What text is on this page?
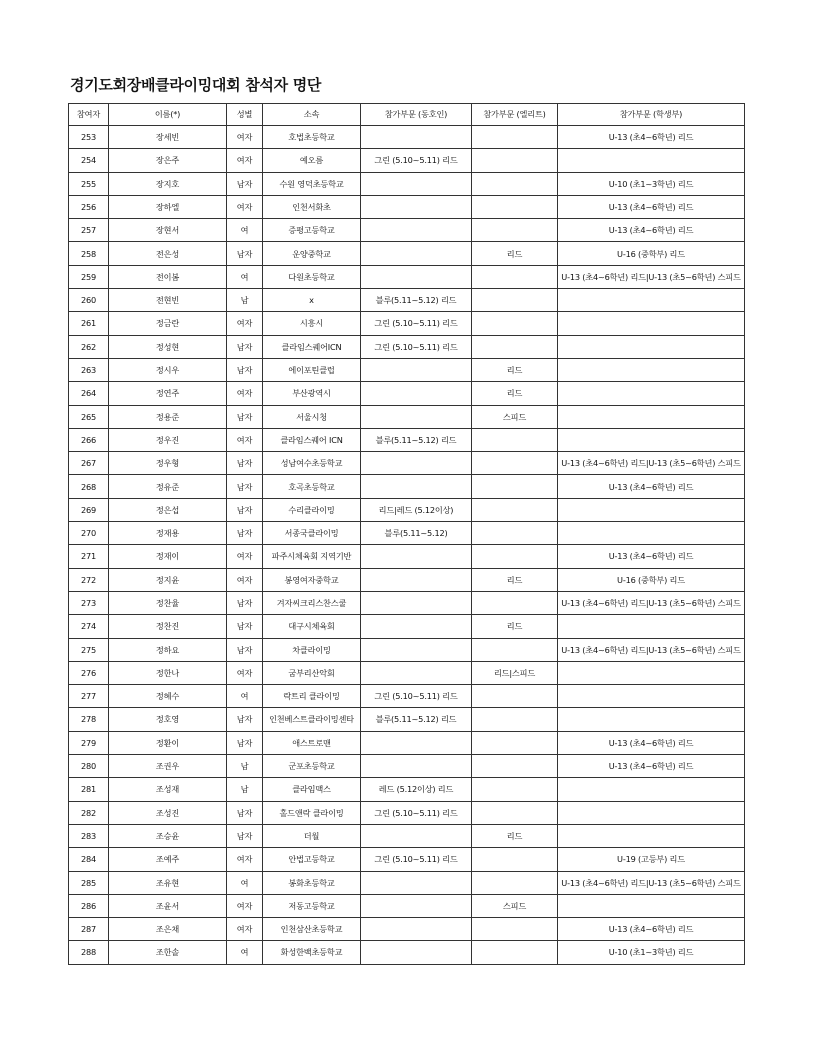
경기도회장배클라이밍대회 참석자 명단
참여자	이름(*)	성별	소속	참가부문 (동호인)	참가부문 (엘리트)	참가부문 (학생부)
253	장세빈	여자	호법초등학교			U-13 (초4~6학년) 리드
254	장은주	여자	예오름	그린 (5.10~5.11) 리드		
255	장지호	남자	수원 영덕초등학교			U-10 (초1~3학년) 리드
256	장하엘	여자	인천서화초			U-13 (초4~6학년) 리드
257	장현서	여	증평고등학교			U-13 (초4~6학년) 리드
258	전은성	남자	운양중학교		리드	U-16 (중학부) 리드
259	전이봄	여	다원초등학교			U-13 (초4~6학년) 리드|U-13 (초5~6학년) 스피드
260	전현빈	남	x	블루(5.11~5.12) 리드		
261	정금란	여자	시흥시	그린 (5.10~5.11) 리드		
262	정성현	남자	클라임스퀘어ICN	그린 (5.10~5.11) 리드		
263	정시우	남자	에이포틴클럽		리드	
264	정연주	여자	부산광역시		리드	
265	정용준	남자	서울시청		스피드	
266	정우진	여자	클라임스퀘어 ICN	블루(5.11~5.12) 리드		
267	정우형	남자	성남여수초등학교			U-13 (초4~6학년) 리드|U-13 (초5~6학년) 스피드
268	정유준	남자	호곡초등학교			U-13 (초4~6학년) 리드
269	정은섭	남자	수리클라이밍	리드|레드 (5.12이상)		
270	정재용	남자	서종국클라이밍	블루(5.11~5.12)		
271	정재이	여자	파주시체육회 지역기반			U-13 (초4~6학년) 리드
272	정지윤	여자	봉영여자중학교		리드	U-16 (중학부) 리드
273	정찬율	남자	겨자씨크리스찬스쿨			U-13 (초4~6학년) 리드|U-13 (초5~6학년) 스피드
274	정찬진	남자	대구시체육회		리드	
275	정하요	남자	차클라이밍			U-13 (초4~6학년) 리드|U-13 (초5~6학년) 스피드
276	정한나	여자	굼부리산악회		리드|스피드	
277	정혜수	여	락트리 클라이밍	그린 (5.10~5.11) 리드		
278	정호영	남자	인천베스트클라이밍센타	블루(5.11~5.12) 리드		
279	정환이	남자	애스트로맨			U-13 (초4~6학년) 리드
280	조권우	남	군포초등학교			U-13 (초4~6학년) 리드
281	조성재	남	클라임맥스	레드 (5.12이상) 리드		
282	조성진	남자	홀드앤락 클라이밍	그린 (5.10~5.11) 리드		
283	조승윤	남자	더월		리드	
284	조예주	여자	안법고등학교	그린 (5.10~5.11) 리드		U-19 (고등부) 리드
285	조유현	여	봉화초등학교			U-13 (초4~6학년) 리드|U-13 (초5~6학년) 스피드
286	조윤서	여자	저동고등학교		스피드	
287	조은채	여자	인천삼산초등학교			U-13 (초4~6학년) 리드
288	조한솔	여	화성한백초등학교			U-10 (초1~3학년) 리드
